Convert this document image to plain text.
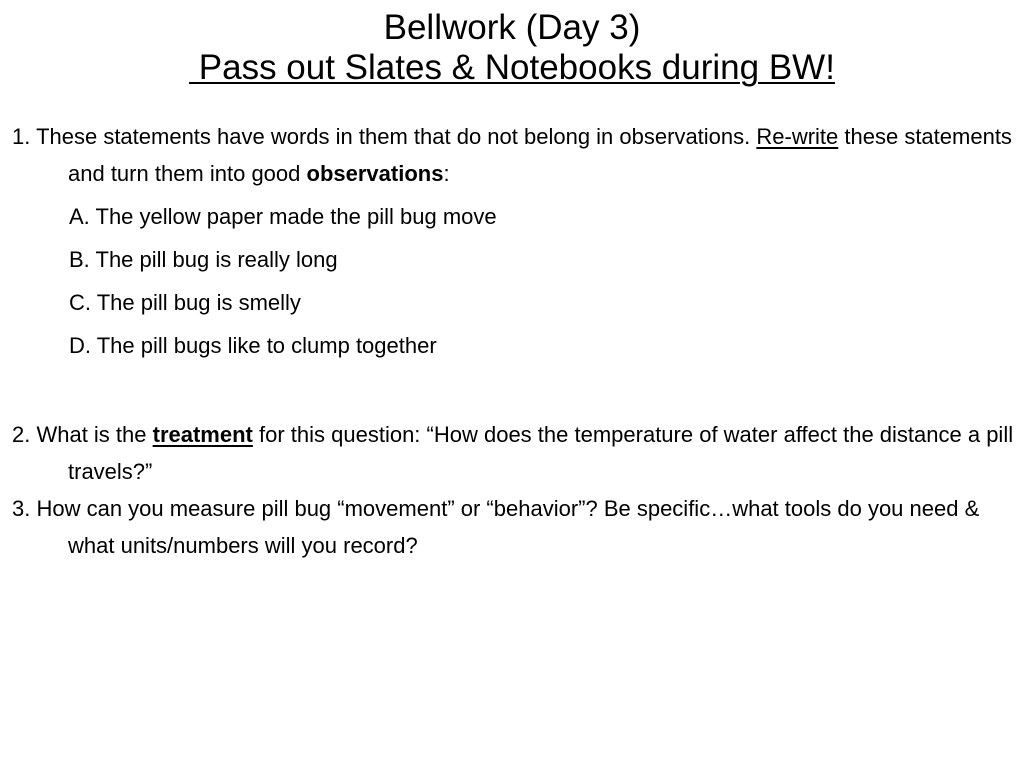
Bellwork (Day 3)
Pass out Slates & Notebooks during BW!

1. These statements have words in them that do not belong in observations. Re-write these statements and turn them into good observations:

A. The yellow paper made the pill bug move
B. The pill bug is really long
C. The pill bug is smelly
D. The pill bugs like to clump together

2. What is the treatment for this question: “How does the temperature of water affect the distance a pill travels?”

3. How can you measure pill bug “movement” or “behavior”? Be specific…what tools do you need & what units/numbers will you record?
